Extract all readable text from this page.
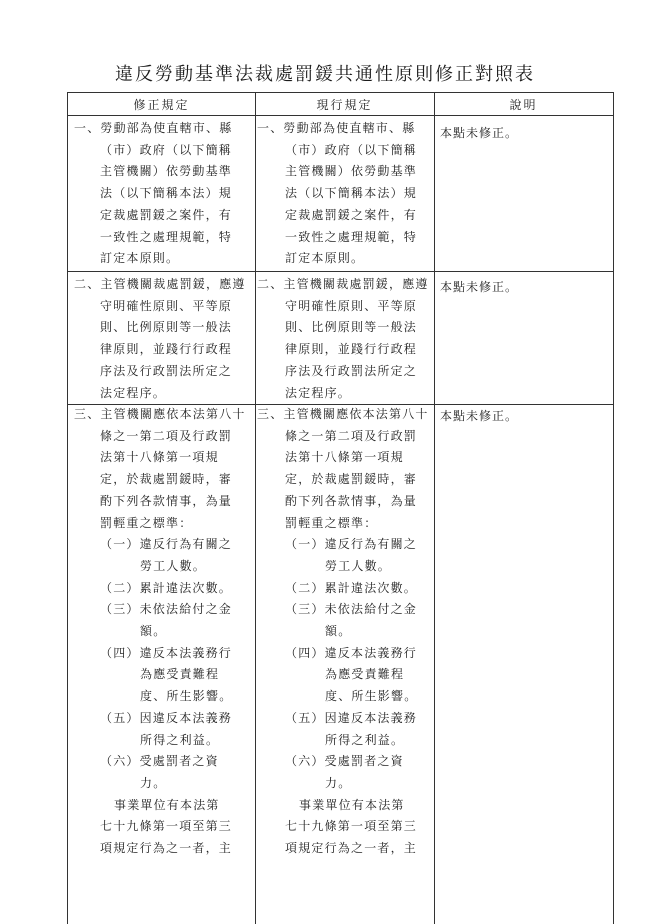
違反勞動基準法裁處罰鍰共通性原則修正對照表
修正規定	現行規定	說明

一、勞動部為使直轄市、縣

（市）政府（以下簡稱

主管機關）依勞動基準

法（以下簡稱本法）規

定裁處罰鍰之案件，有

一致性之處理規範，特

訂定本原則。

一、勞動部為使直轄市、縣

（市）政府（以下簡稱

主管機關）依勞動基準

法（以下簡稱本法）規

定裁處罰鍰之案件，有

一致性之處理規範，特

訂定本原則。

本點未修正。

二、主管機關裁處罰鍰，應遵

守明確性原則、平等原

則、比例原則等一般法

律原則，並踐行行政程

序法及行政罰法所定之

法定程序。

二、主管機關裁處罰鍰，應遵

守明確性原則、平等原

則、比例原則等一般法

律原則，並踐行行政程

序法及行政罰法所定之

法定程序。

本點未修正。

三、主管機關應依本法第八十

條之一第二項及行政罰

法第十八條第一項規

定，於裁處罰鍰時，審

酌下列各款情事，為量

罰輕重之標準：

（一）違反行為有關之

勞工人數。

（二）累計違法次數。

（三）未依法給付之金

額。

（四）違反本法義務行

為應受責難程

度、所生影響。

（五）因違反本法義務

所得之利益。

（六）受處罰者之資

力。

事業單位有本法第

七十九條第一項至第三

項規定行為之一者，主

三、主管機關應依本法第八十

條之一第二項及行政罰

法第十八條第一項規

定，於裁處罰鍰時，審

酌下列各款情事，為量

罰輕重之標準：

（一）違反行為有關之

勞工人數。

（二）累計違法次數。

（三）未依法給付之金

額。

（四）違反本法義務行

為應受責難程

度、所生影響。

（五）因違反本法義務

所得之利益。

（六）受處罰者之資

力。

事業單位有本法第

七十九條第一項至第三

項規定行為之一者，主

本點未修正。
